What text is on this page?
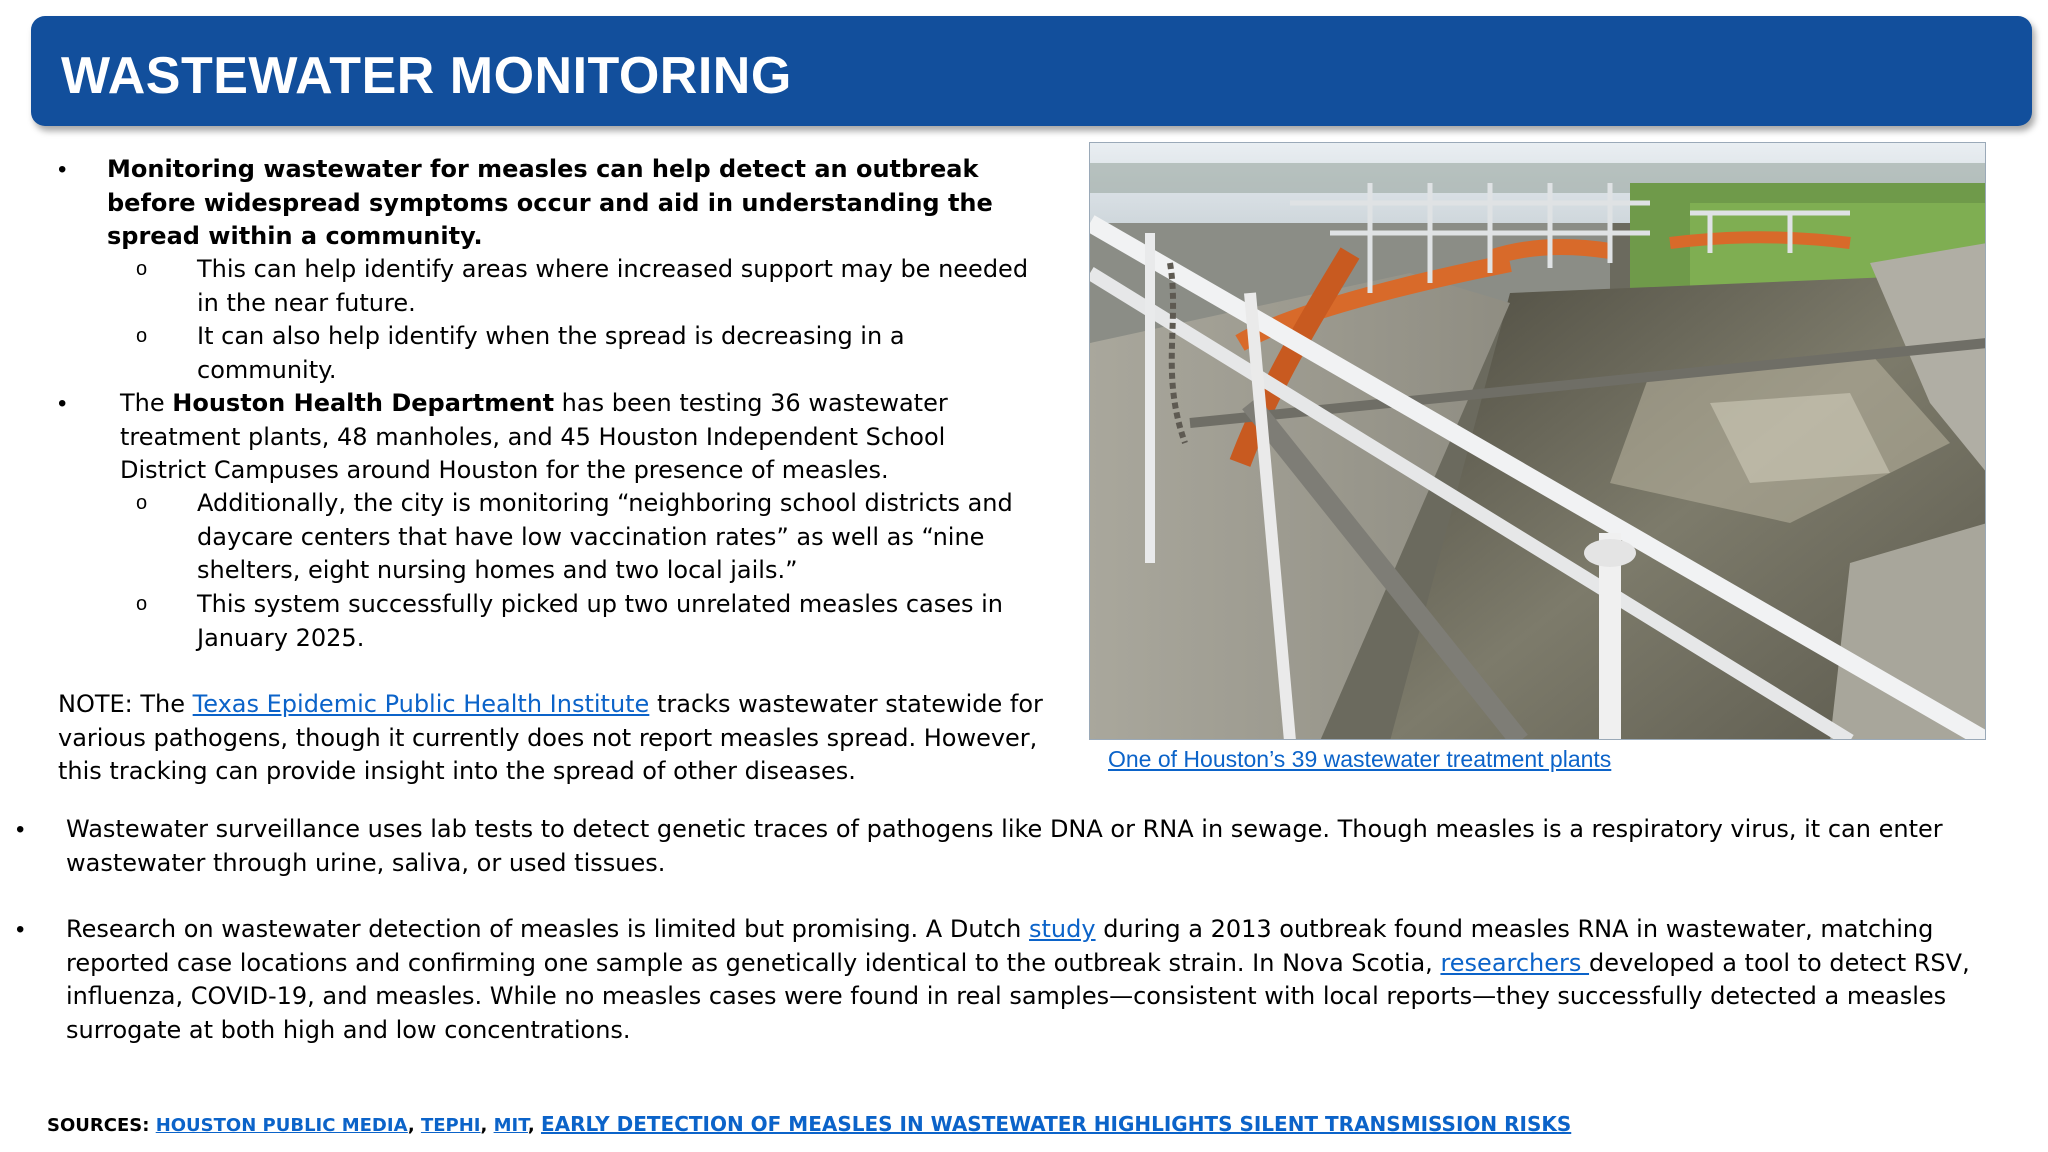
WASTEWATER MONITORING
• Monitoring wastewater for measles can help detect an outbreak before widespread symptoms occur and aid in understanding the spread within a community.
o This can help identify areas where increased support may be needed in the near future.
o It can also help identify when the spread is decreasing in a community.
• The Houston Health Department has been testing 36 wastewater treatment plants, 48 manholes, and 45 Houston Independent School District Campuses around Houston for the presence of measles.
o Additionally, the city is monitoring “neighboring school districts and daycare centers that have low vaccination rates” as well as “nine shelters, eight nursing homes and two local jails.”
o This system successfully picked up two unrelated measles cases in January 2025.
NOTE: The Texas Epidemic Public Health Institute tracks wastewater statewide for various pathogens, though it currently does not report measles spread. However, this tracking can provide insight into the spread of other diseases.	One of Houston’s 39 wastewater treatment plants
• Wastewater surveillance uses lab tests to detect genetic traces of pathogens like DNA or RNA in sewage. Though measles is a respiratory virus, it can enter wastewater through urine, saliva, or used tissues.
• Research on wastewater detection of measles is limited but promising. A Dutch study during a 2013 outbreak found measles RNA in wastewater, matching reported case locations and confirming one sample as genetically identical to the outbreak strain. In Nova Scotia, researchers developed a tool to detect RSV, influenza, COVID-19, and measles. While no measles cases were found in real samples—consistent with local reports—they successfully detected a measles surrogate at both high and low concentrations.
SOURCES: HOUSTON PUBLIC MEDIA, TEPHI, MIT, EARLY DETECTION OF MEASLES IN WASTEWATER HIGHLIGHTS SILENT TRANSMISSION RISKS
